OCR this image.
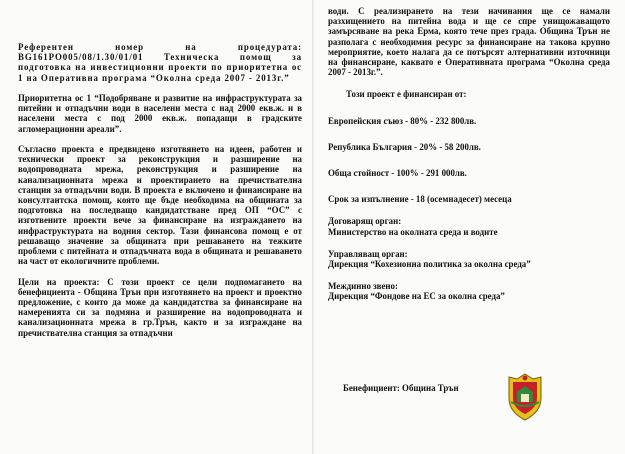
Референтен номер на процедурата: BG161PO005/08/1.30/01/01 Техническа помощ за подготовка на инвестиционни проекти по приоритетна ос 1 на Оперативна програма “Околна среда 2007 - 2013г.”

Приоритетна ос 1 “Подобряване и развитие на инфраструктурата за питейни и отпадъчни води в населени места с над 2000 екв.ж. и в населени места с под 2000 екв.ж. попадащи в градските агломерационни ареали”.

Съгласно проекта е предвидено изготвянето на идеен, работен и технически проект за реконструкция и разширение на водопроводната мрежа, реконструкция и разширение на канализационната мрежа и проектирането на пречиствателна станция за отпадъчни води. В проекта е включено и финансиране на консултантска помощ, която ще бъде необходима на общината за подготовка на последващо кандидатстване пред ОП “ОС” с изготвените проекти вече за финансиране на изграждането на инфраструктурата на водния сектор. Тази финансова помощ е от решаващо значение за общината при решаването на тежките проблеми с питейната и отпадъчната вода в общината и решаването на част от екологичните проблеми.

Цели на проекта: С този проект се цели подпомагането на бенефициента - Община Трън при изготвянето на проект и проектно предложение, с които да може да кандидатства за финансиране на намеренията си за подмяна и разширение на водопроводната и канализационната мрежа в гр.Трън, както и за изграждане на пречиствателна станция за отпадъчни

води. С реализирането на тези начинания ще се намали разхищението на питейна вода и ще се спре унищожаващото замърсяване на река Ерма, която тече през града. Община Трън не разполага с необходимия ресурс за финансиране на такова крупно мероприятие, което налага да се потърсят алтернативни източници на финансиране, каквато е Оперативната програма “Околна среда 2007 - 2013г.”.

Този проект е финансиран от:

Европейския съюз - 80% - 232 800лв.

Република България - 20% - 58 200лв.

Обща стойност - 100% - 291 000лв.

Срок за изпълнение - 18 (осемнадесет) месеца

Договарящ орган:

Министерство на околната среда и водите

Управляващ орган:

Дирекция “Кохезионна политика за околна среда”

Междинно звено:

Дирекция “Фондове на ЕС за околна среда”

Бенефициент: Община Трън
